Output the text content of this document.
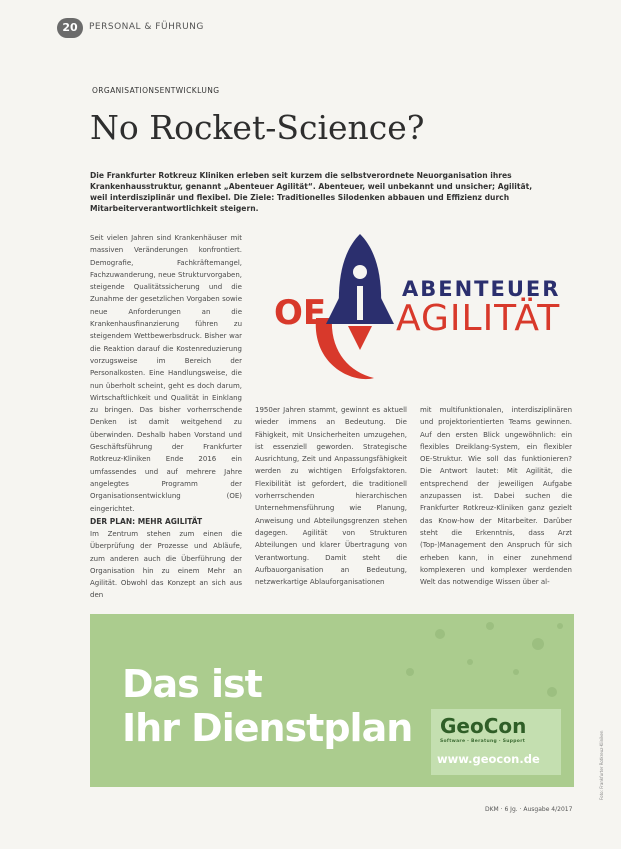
20	PERSONAL & FÜHRUNG
ORGANISATIONSENTWICKLUNG
No Rocket-Science?

Die Frankfurter Rotkreuz Kliniken erleben seit kurzem die selbstverordnete Neuorganisation ihres Krankenhausstruktur, genannt „Abenteuer Agilität“. Abenteuer, weil unbekannt und unsicher; Agilität, weil interdisziplinär und flexibel. Die Ziele: Traditionelles Silodenken abbauen und Effizienz durch Mitarbeiterverantwortlichkeit steigern.

Seit vielen Jahren sind Krankenhäuser mit massiven Veränderungen konfrontiert. Demografie, Fachkräftemangel, Fachzuwanderung, neue Strukturvorgaben, steigende Qualitätssicherung und die Zunahme der gesetzlichen Vorgaben sowie neue Anforderungen an die Krankenhausfinanzierung führen zu steigendem Wettbewerbsdruck. Bisher war die Reaktion darauf die Kostenreduzierung vorzugsweise im Bereich der Personalkosten. Eine Handlungsweise, die nun überholt scheint, geht es doch darum, Wirtschaftlichkeit und Qualität in Einklang zu bringen. Das bisher vorherrschende Denken ist damit weitgehend zu überwinden. Deshalb haben Vorstand und Geschäftsführung der Frankfurter Rotkreuz-Kliniken Ende 2016 ein umfassendes und auf mehrere Jahre angelegtes Programm der Organisationsentwicklung (OE) eingerichtet.

DER PLAN: MEHR AGILITÄT

Im Zentrum stehen zum einen die Überprüfung der Prozesse und Abläufe, zum anderen auch die Überführung der Organisation hin zu einem Mehr an Agilität. Obwohl das Konzept an sich aus den

1950er Jahren stammt, gewinnt es aktuell wieder immens an Bedeutung. Die Fähigkeit, mit Unsicherheiten umzugehen, ist essenziell geworden. Strategische Ausrichtung, Zeit und Anpassungsfähigkeit werden zu wichtigen Erfolgsfaktoren. Flexibilität ist gefordert, die traditionell vorherrschenden hierarchischen Unternehmensführung wie Planung, Anweisung und Abteilungsgrenzen stehen dagegen. Agilität von Strukturen Abteilungen und klarer Übertragung von Verantwortung. Damit steht die Aufbauorganisation an Bedeutung, netzwerkartige Ablauforganisationen

mit multifunktionalen, interdisziplinären und projektorientierten Teams gewinnen. Auf den ersten Blick ungewöhnlich: ein flexibles Dreiklang-System, ein flexibler OE-Struktur. Wie soll das funktionieren? Die Antwort lautet: Mit Agilität, die entsprechend der jeweiligen Aufgabe anzupassen ist. Dabei suchen die Frankfurter Rotkreuz-Kliniken ganz gezielt das Know-how der Mitarbeiter. Darüber steht die Erkenntnis, dass Arzt (Top-)Management den Anspruch für sich erheben kann, in einer zunehmend komplexeren und komplexer werdenden Welt das notwendige Wissen über al-

OE
ABENTEUER
AGILITÄT
Das ist
Ihr Dienstplan GeoCon
Software · Beratung · Support
www.geocon.de
DKM · 6 Jg. · Ausgabe 4/2017
Foto: Frankfurter Rotkreuz-Kliniken
